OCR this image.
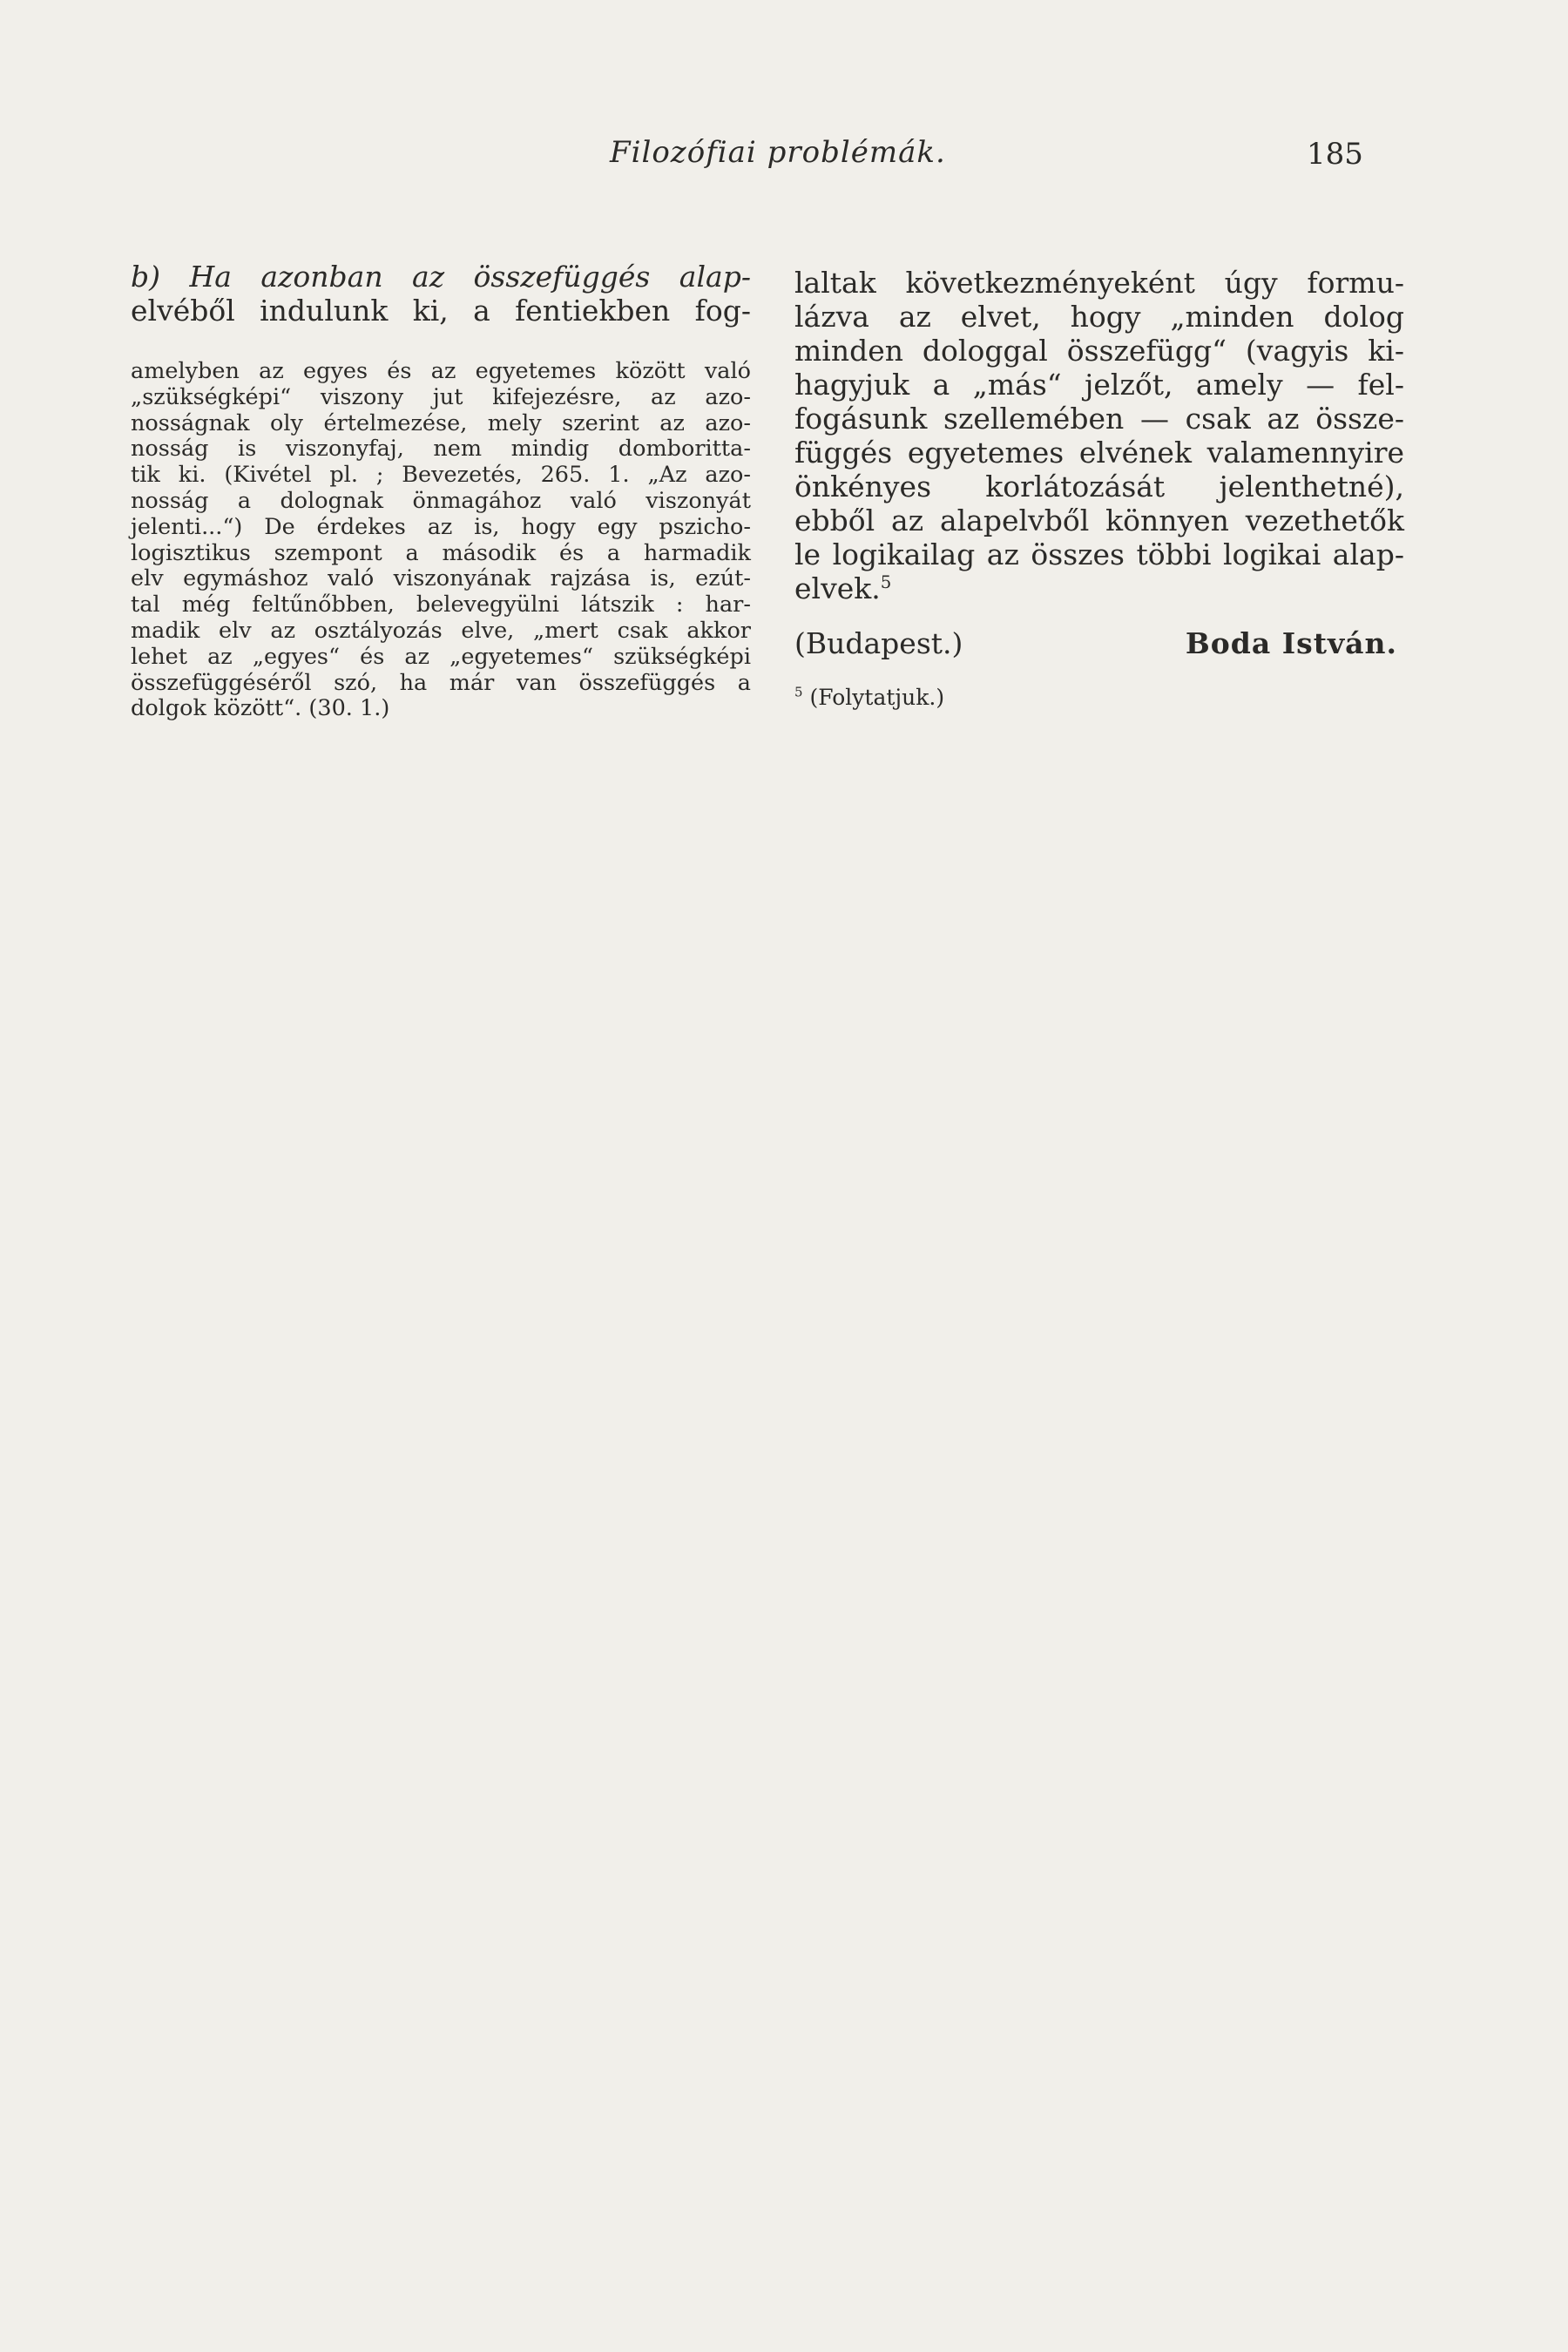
Filozófiai problémák.	185
b) Ha azonban az összefüggés alap-
elvéből indulunk ki, a fentiekben fog-
amelyben az egyes és az egyetemes között való
„szükségképi“ viszony jut kifejezésre, az azo-
nosságnak oly értelmezése, mely szerint az azo-
nosság is viszonyfaj, nem mindig domboritta-
tik ki. (Kivétel pl. ; Bevezetés, 265. 1. „Az azo-
nosság a dolognak önmagához való viszonyát
jelenti...“) De érdekes az is, hogy egy pszicho-
logisztikus szempont a második és a harmadik
elv egymáshoz való viszonyának rajzása is, ezút-
tal még feltűnőbben, belevegyülni látszik : har-
madik elv az osztályozás elve, „mert csak akkor
lehet az „egyes“ és az „egyetemes“ szükségképi
összefüggéséről szó, ha már van összefüggés a
dolgok között“. (30. 1.)
laltak következményeként úgy formu-
lázva az elvet, hogy „minden dolog
minden dologgal összefügg“ (vagyis ki-
hagyjuk a „más“ jelzőt, amely — fel-
fogásunk szellemében — csak az össze-
függés egyetemes elvének valamennyire
önkényes korlátozását jelenthetné),
ebből az alapelvből könnyen vezethetők
le logikailag az összes többi logikai alap-
elvek.$^5$
(Budapest.)	Boda István.
$^5$ (Folytatjuk.)
